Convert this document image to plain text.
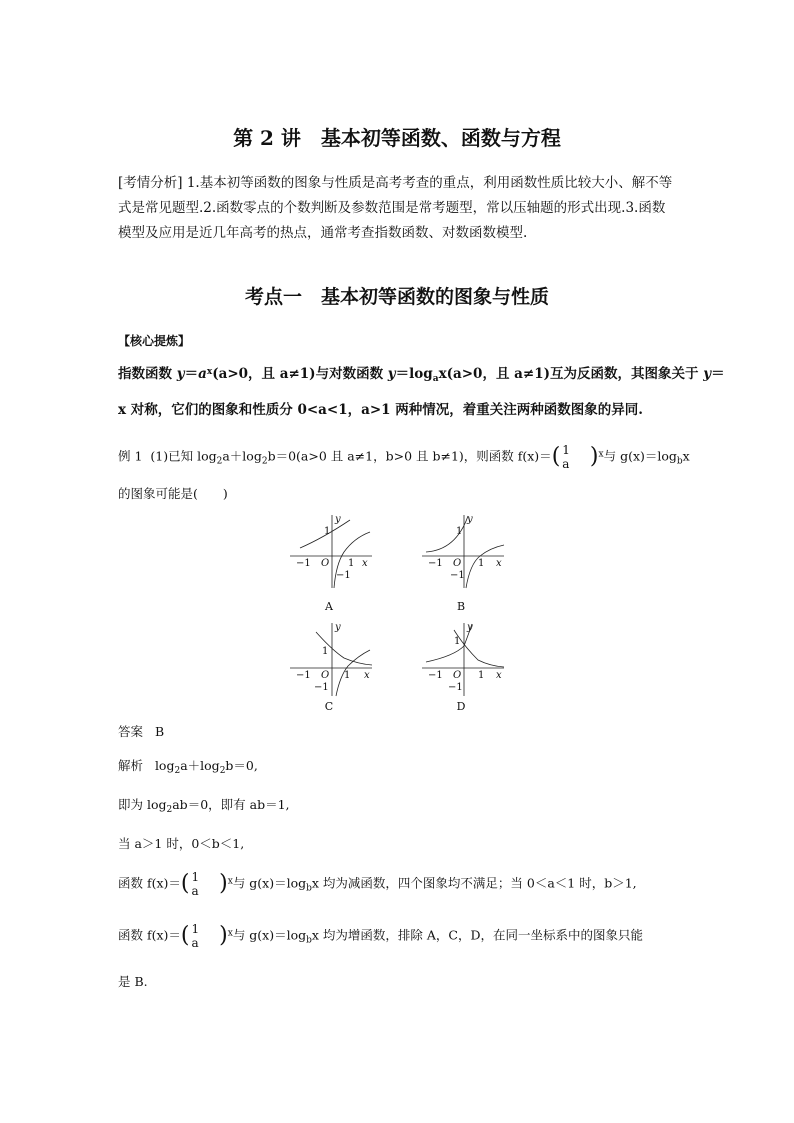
第 2 讲　基本初等函数、函数与方程
[考情分析] 1.基本初等函数的图象与性质是高考考查的重点，利用函数性质比较大小、解不等式是常见题型.2.函数零点的个数判断及参数范围是常考题型，常以压轴题的形式出现.3.函数模型及应用是近几年高考的热点，通常考查指数函数、对数函数模型.
考点一　基本初等函数的图象与性质
【核心提炼】
指数函数 $y=a^x(a>0$，且 a≠1)与对数函数 $y=\log_ax(a>0$，且 a≠1)互为反函数，其图象关于 y＝
x 对称，它们的图象和性质分 0<a<1，a>1 两种情况，着重关注两种函数图象的异同.
例 1 (1)已知 $\log_2a+\log_2b=0(a>0$ 且 a≠1，b>0 且 b≠1)，则函数 f(x)＝( 1
a )$^x$与 $g(x)=\log_bx$
的图象可能是(　　)
y
1
−1 O 1 x
−1
A
y
1
−1 O 1 x
−1
B
y
1
−1 O 1 x
−1
C
y
1
−1 O 1 x
−1
D
答案 B
解析 $\log_2a+\log_2b=0$,
即为 $\log_2ab=0$，即有 ab＝1,
当 a＞1 时，0＜b＜1,
函数 f(x)＝( 1
a )$^x$与 $g(x)=\log_bx$ 均为减函数，四个图象均不满足；当 0＜a＜1 时，b＞1,
函数 f(x)＝( 1
a )$^x$与 $g(x)=\log_bx$ 均为增函数，排除 A，C，D，在同一坐标系中的图象只能
是 B.
